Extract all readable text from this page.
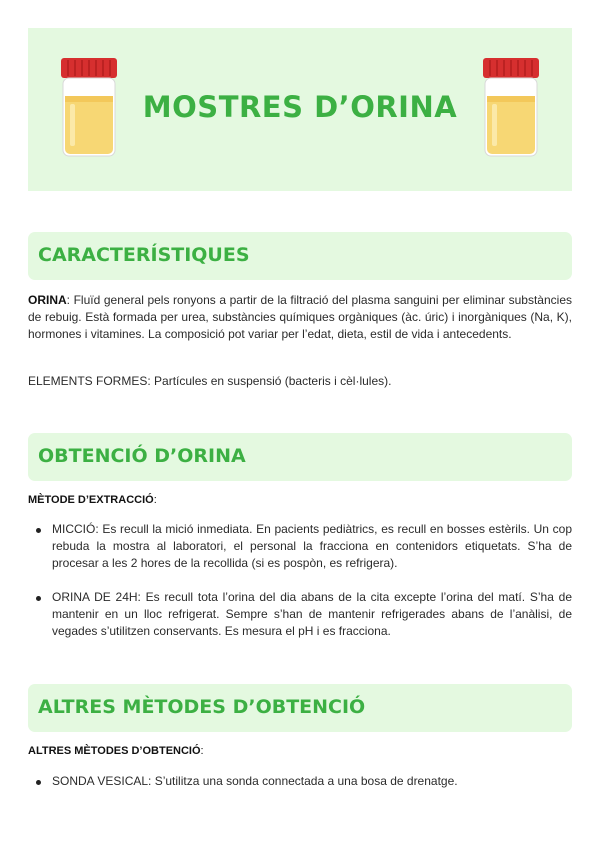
MOSTRES D’ORINA
CARACTERÍSTIQUES

ORINA: Fluïd general pels ronyons a partir de la filtració del plasma sanguini per eliminar substàncies de rebuig. Està formada per urea, substàncies químiques orgàniques (àc. úric) i inorgàniques (Na, K), hormones i vitamines. La composició pot variar per l’edat, dieta, estil de vida i antecedents.

ELEMENTS FORMES: Partícules en suspensió (bacteris i cèl·lules).

OBTENCIÓ D’ORINA
MÈTODE D’EXTRACCIÓ:
MICCIÓ: Es recull la mició inmediata. En pacients pediàtrics, es recull en bosses estèrils. Un cop rebuda la mostra al laboratori, el personal la fracciona en contenidors etiquetats. S’ha de procesar a les 2 hores de la recollida (si es pospòn, es refrigera).
ORINA DE 24H: Es recull tota l’orina del dia abans de la cita excepte l’orina del matí. S’ha de mantenir en un lloc refrigerat. Sempre s’han de mantenir refrigerades abans de l’anàlisi, de vegades s’utilitzen conservants. Es mesura el pH i es fracciona.
ALTRES MÈTODES D’OBTENCIÓ
ALTRES MÈTODES D’OBTENCIÓ:
SONDA VESICAL: S’utilitza una sonda connectada a una bosa de drenatge.
